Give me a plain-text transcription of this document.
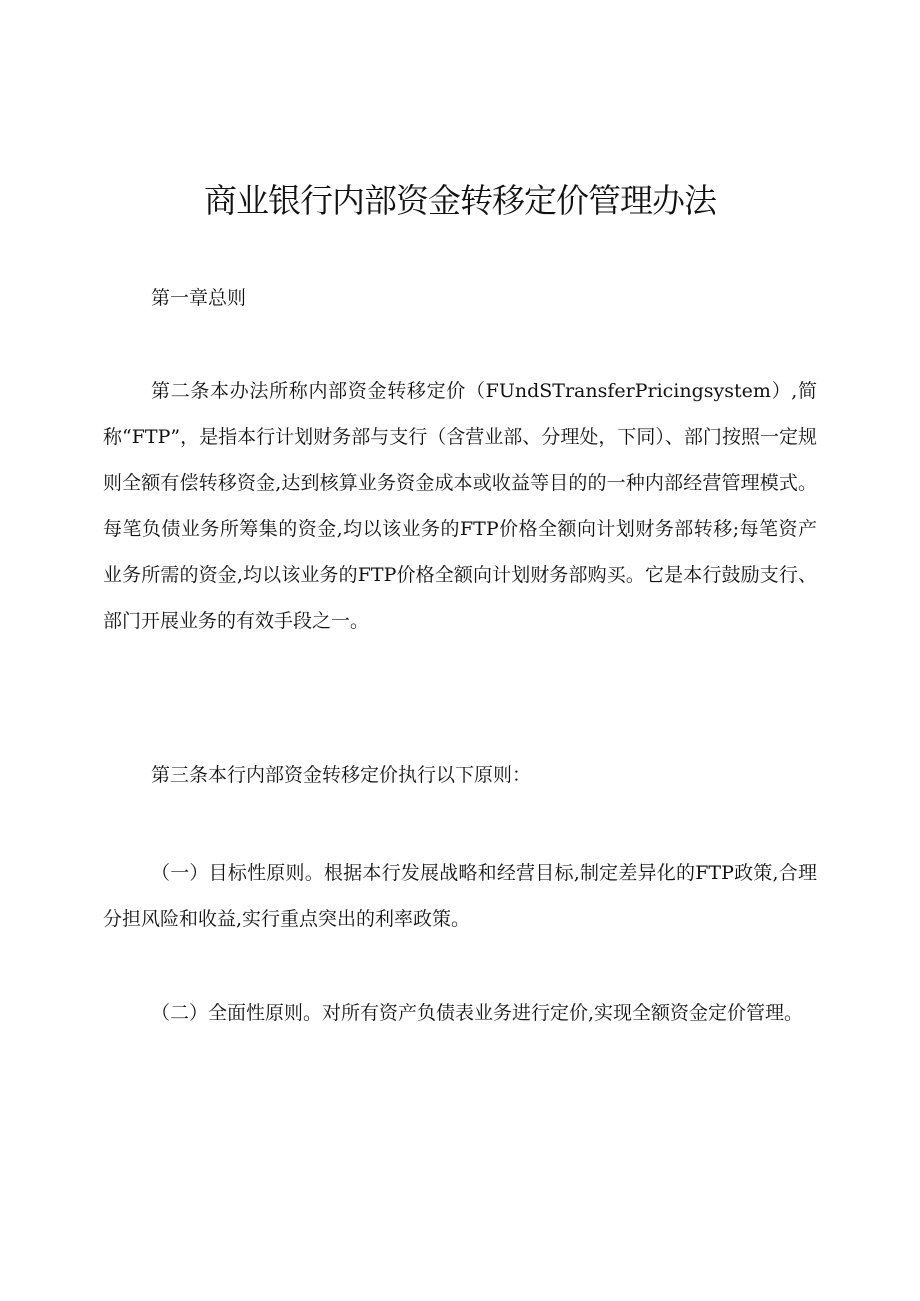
商业银行内部资金转移定价管理办法

第一章总则

第二条本办法所称内部资金转移定价（FUndSTransferPricingsystem）,简称“FTP”，是指本行计划财务部与支行（含营业部、分理处，下同）、部门按照一定规则全额有偿转移资金,达到核算业务资金成本或收益等目的的一种内部经营管理模式。每笔负债业务所筹集的资金,均以该业务的FTP价格全额向计划财务部转移;每笔资产业务所需的资金,均以该业务的FTP价格全额向计划财务部购买。它是本行鼓励支行、部门开展业务的有效手段之一。

第三条本行内部资金转移定价执行以下原则：

（一）目标性原则。根据本行发展战略和经营目标,制定差异化的FTP政策,合理分担风险和收益,实行重点突出的利率政策。

（二）全面性原则。对所有资产负债表业务进行定价,实现全额资金定价管理。
